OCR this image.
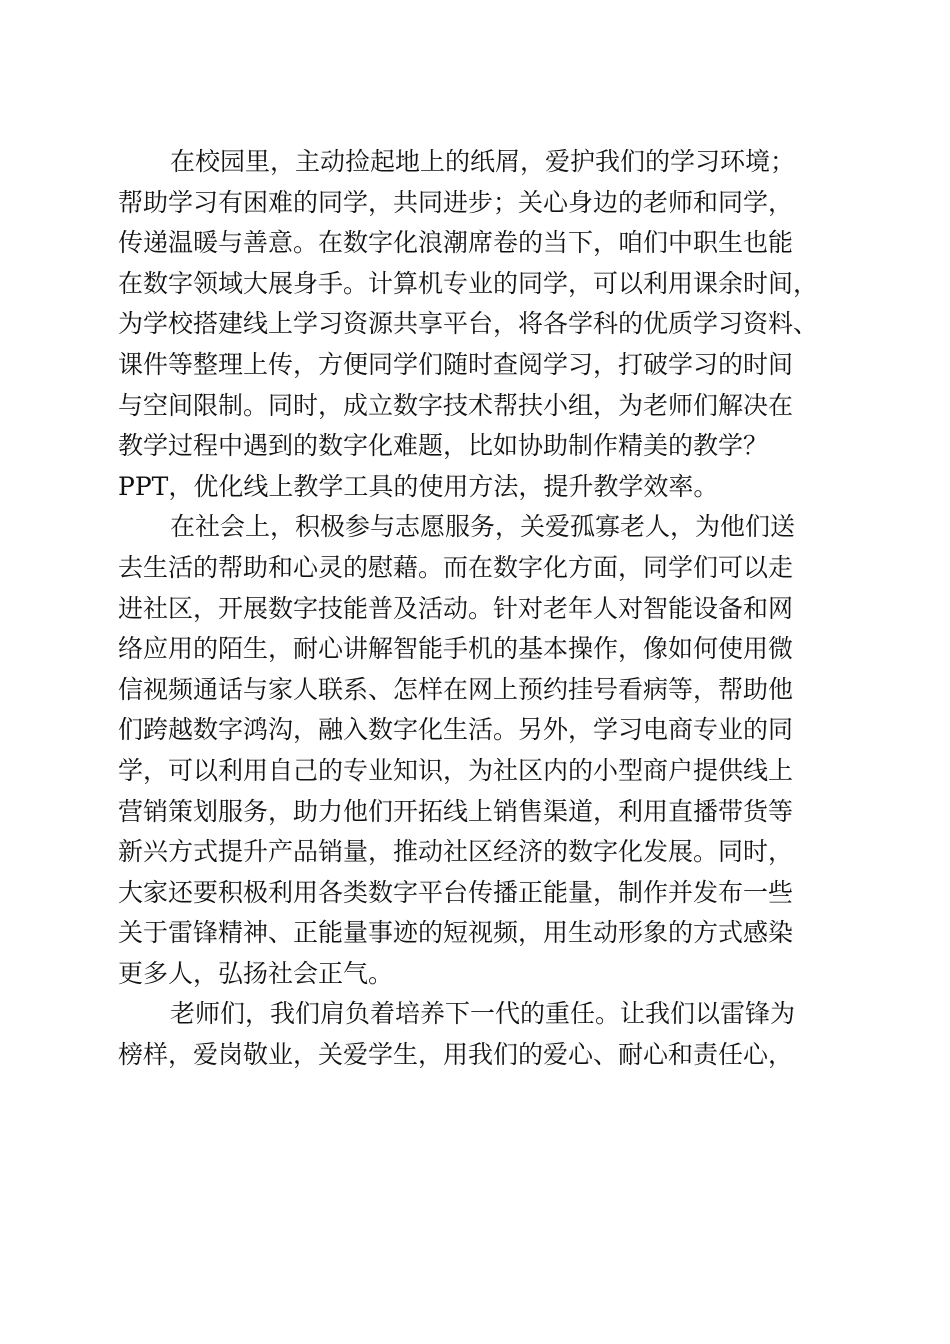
在校园里，主动捡起地上的纸屑，爱护我们的学习环境；
帮助学习有困难的同学，共同进步；关心身边的老师和同学，
传递温暖与善意。在数字化浪潮席卷的当下，咱们中职生也能
在数字领域大展身手。计算机专业的同学，可以利用课余时间，
为学校搭建线上学习资源共享平台，将各学科的优质学习资料、
课件等整理上传，方便同学们随时查阅学习，打破学习的时间
与空间限制。同时，成立数字技术帮扶小组，为老师们解决在
教学过程中遇到的数字化难题，比如协助制作精美的教学？
PPT，优化线上教学工具的使用方法，提升教学效率。
在社会上，积极参与志愿服务，关爱孤寡老人，为他们送
去生活的帮助和心灵的慰藉。而在数字化方面，同学们可以走
进社区，开展数字技能普及活动。针对老年人对智能设备和网
络应用的陌生，耐心讲解智能手机的基本操作，像如何使用微
信视频通话与家人联系、怎样在网上预约挂号看病等，帮助他
们跨越数字鸿沟，融入数字化生活。另外，学习电商专业的同
学，可以利用自己的专业知识，为社区内的小型商户提供线上
营销策划服务，助力他们开拓线上销售渠道，利用直播带货等
新兴方式提升产品销量，推动社区经济的数字化发展。同时，
大家还要积极利用各类数字平台传播正能量，制作并发布一些
关于雷锋精神、正能量事迹的短视频，用生动形象的方式感染
更多人，弘扬社会正气。
老师们，我们肩负着培养下一代的重任。让我们以雷锋为
榜样，爱岗敬业，关爱学生，用我们的爱心、耐心和责任心，
